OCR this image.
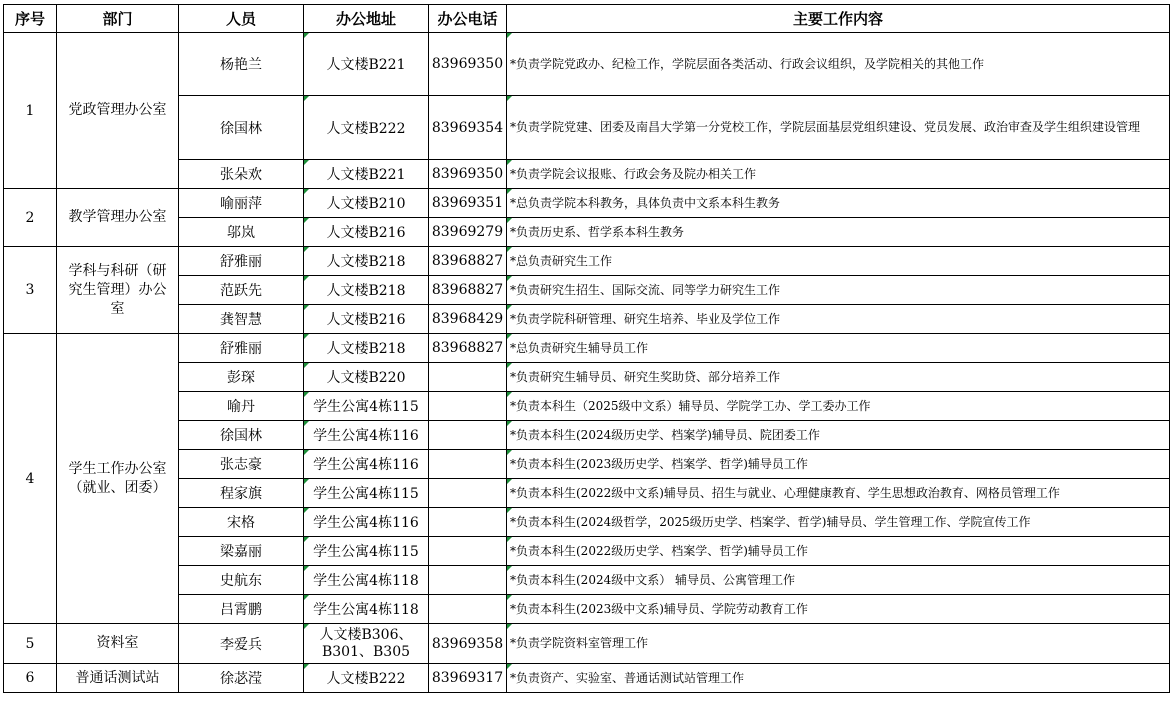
序号	部门	人员	办公地址	办公电话	主要工作内容
1	党政管理办公室	杨艳兰	人文楼B221	83969350	*负责学院党政办、纪检工作，学院层面各类活动、行政会议组织，及学院相关的其他工作
		徐国林	人文楼B222	83969354	*负责学院党建、团委及南昌大学第一分党校工作，学院层面基层党组织建设、党员发展、政治审查及学生组织建设管理
		张朵欢	人文楼B221	83969350	*负责学院会议报账、行政会务及院办相关工作
2	教学管理办公室	喻丽萍	人文楼B210	83969351	*总负责学院本科教务，具体负责中文系本科生教务
		邬岚	人文楼B216	83969279	*负责历史系、哲学系本科生教务
3	学科与科研（研究生管理）办公室	舒雅丽	人文楼B218	83968827	*总负责研究生工作
		范跃先	人文楼B218	83968827	*负责研究生招生、国际交流、同等学力研究生工作
		龚智慧	人文楼B216	83968429	*负责学院科研管理、研究生培养、毕业及学位工作
4	学生工作办公室（就业、团委）	舒雅丽	人文楼B218	83968827	*总负责研究生辅导员工作
		彭琛	人文楼B220		*负责研究生辅导员、研究生奖助贷、部分培养工作
		喻丹	学生公寓4栋115		*负责本科生（2025级中文系）辅导员、学院学工办、学工委办工作
		徐国林	学生公寓4栋116		*负责本科生(2024级历史学、档案学)辅导员、院团委工作
		张志豪	学生公寓4栋116		*负责本科生(2023级历史学、档案学、哲学)辅导员工作
		程家旗	学生公寓4栋115		*负责本科生(2022级中文系)辅导员、招生与就业、心理健康教育、学生思想政治教育、网格员管理工作
		宋格	学生公寓4栋116		*负责本科生(2024级哲学，2025级历史学、档案学、哲学)辅导员、学生管理工作、学院宣传工作
		梁嘉丽	学生公寓4栋115		*负责本科生(2022级历史学、档案学、哲学)辅导员工作
		史航东	学生公寓4栋118		*负责本科生(2024级中文系） 辅导员、公寓管理工作
		吕霄鹏	学生公寓4栋118		*负责本科生(2023级中文系)辅导员、学院劳动教育工作
5	资料室	李爱兵	人文楼B306、B301、B305	83969358	*负责学院资料室管理工作
6	普通话测试站	徐苾滢	人文楼B222	83969317	*负责资产、实验室、普通话测试站管理工作
